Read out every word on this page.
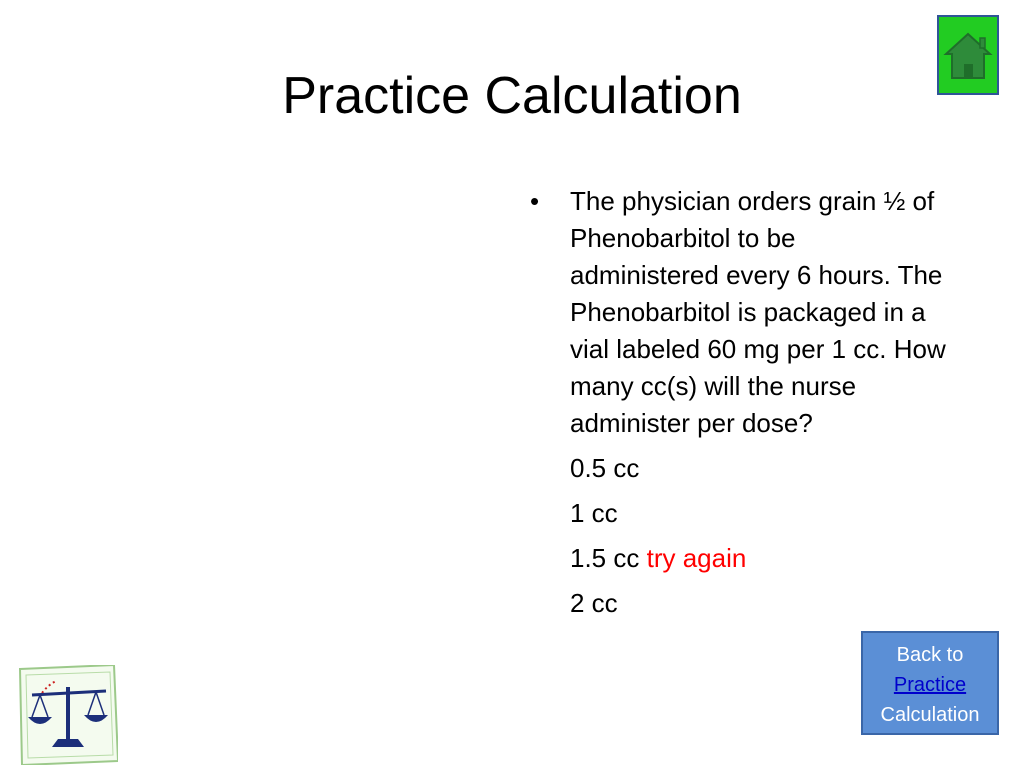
Practice Calculation
• The physician orders grain ½ of Phenobarbitol to be administered every 6 hours. The Phenobarbitol is packaged in a vial labeled 60 mg per 1 cc. How many cc(s) will the nurse administer per dose?
0.5 cc
1 cc
1.5 cc try again
2 cc
Back to
Practice
Calculation
